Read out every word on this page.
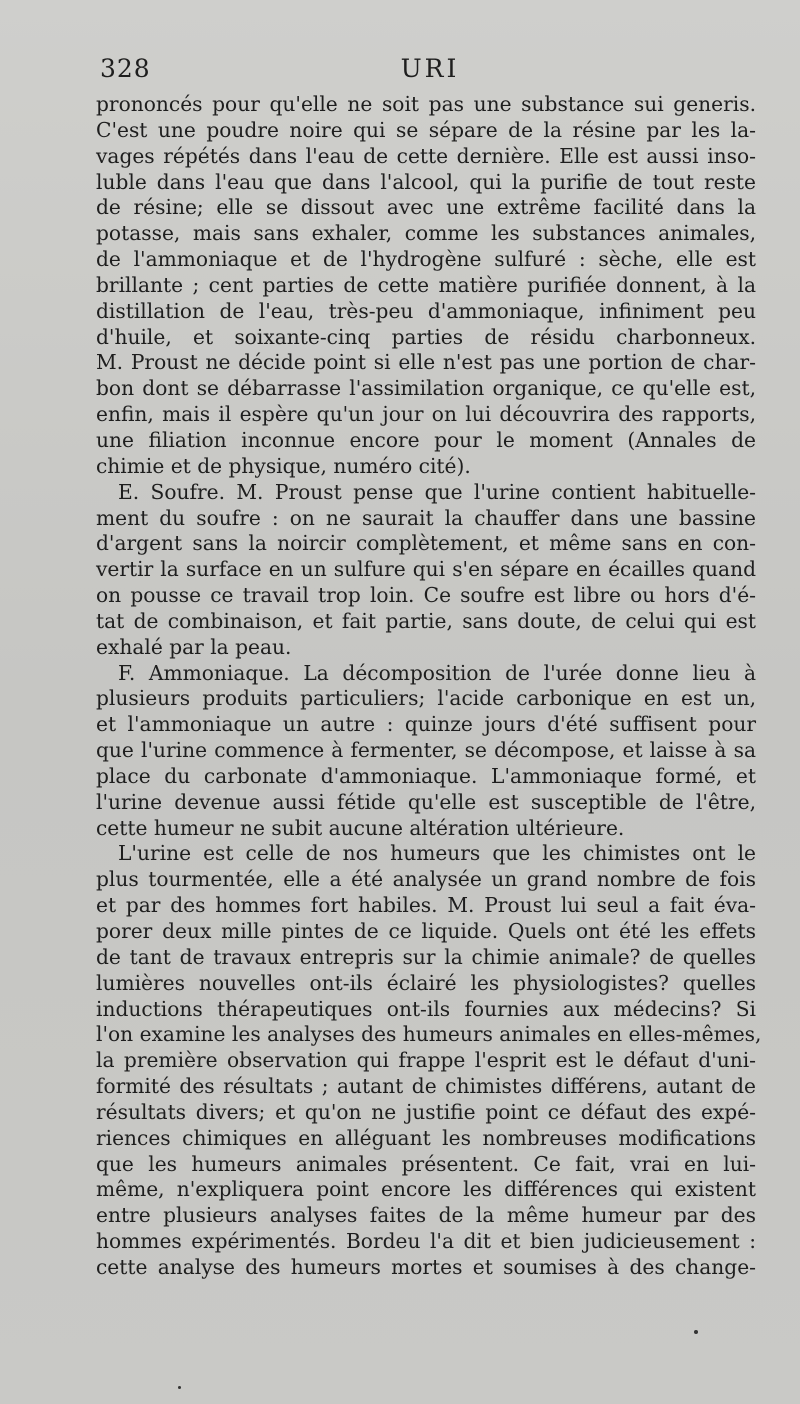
328	URI
prononcés pour qu'elle ne soit pas une substance sui generis.
C'est une poudre noire qui se sépare de la résine par les la-
vages répétés dans l'eau de cette dernière. Elle est aussi inso-
luble dans l'eau que dans l'alcool, qui la purifie de tout reste
de résine; elle se dissout avec une extrême facilité dans la
potasse, mais sans exhaler, comme les substances animales,
de l'ammoniaque et de l'hydrogène sulfuré : sèche, elle est
brillante ; cent parties de cette matière purifiée donnent, à la
distillation de l'eau, très-peu d'ammoniaque, infiniment peu
d'huile, et soixante-cinq parties de résidu charbonneux.
M. Proust ne décide point si elle n'est pas une portion de char-
bon dont se débarrasse l'assimilation organique, ce qu'elle est,
enfin, mais il espère qu'un jour on lui découvrira des rapports,
une filiation inconnue encore pour le moment (Annales de
chimie et de physique, numéro cité).
E. Soufre. M. Proust pense que l'urine contient habituelle-
ment du soufre : on ne saurait la chauffer dans une bassine
d'argent sans la noircir complètement, et même sans en con-
vertir la surface en un sulfure qui s'en sépare en écailles quand
on pousse ce travail trop loin. Ce soufre est libre ou hors d'é-
tat de combinaison, et fait partie, sans doute, de celui qui est
exhalé par la peau.
F. Ammoniaque. La décomposition de l'urée donne lieu à
plusieurs produits particuliers; l'acide carbonique en est un,
et l'ammoniaque un autre : quinze jours d'été suffisent pour
que l'urine commence à fermenter, se décompose, et laisse à sa
place du carbonate d'ammoniaque. L'ammoniaque formé, et
l'urine devenue aussi fétide qu'elle est susceptible de l'être,
cette humeur ne subit aucune altération ultérieure.
L'urine est celle de nos humeurs que les chimistes ont le
plus tourmentée, elle a été analysée un grand nombre de fois
et par des hommes fort habiles. M. Proust lui seul a fait éva-
porer deux mille pintes de ce liquide. Quels ont été les effets
de tant de travaux entrepris sur la chimie animale? de quelles
lumières nouvelles ont-ils éclairé les physiologistes? quelles
inductions thérapeutiques ont-ils fournies aux médecins? Si
l'on examine les analyses des humeurs animales en elles-mêmes,
la première observation qui frappe l'esprit est le défaut d'uni-
formité des résultats ; autant de chimistes différens, autant de
résultats divers; et qu'on ne justifie point ce défaut des expé-
riences chimiques en alléguant les nombreuses modifications
que les humeurs animales présentent. Ce fait, vrai en lui-
même, n'expliquera point encore les différences qui existent
entre plusieurs analyses faites de la même humeur par des
hommes expérimentés. Bordeu l'a dit et bien judicieusement :
cette analyse des humeurs mortes et soumises à des change-
